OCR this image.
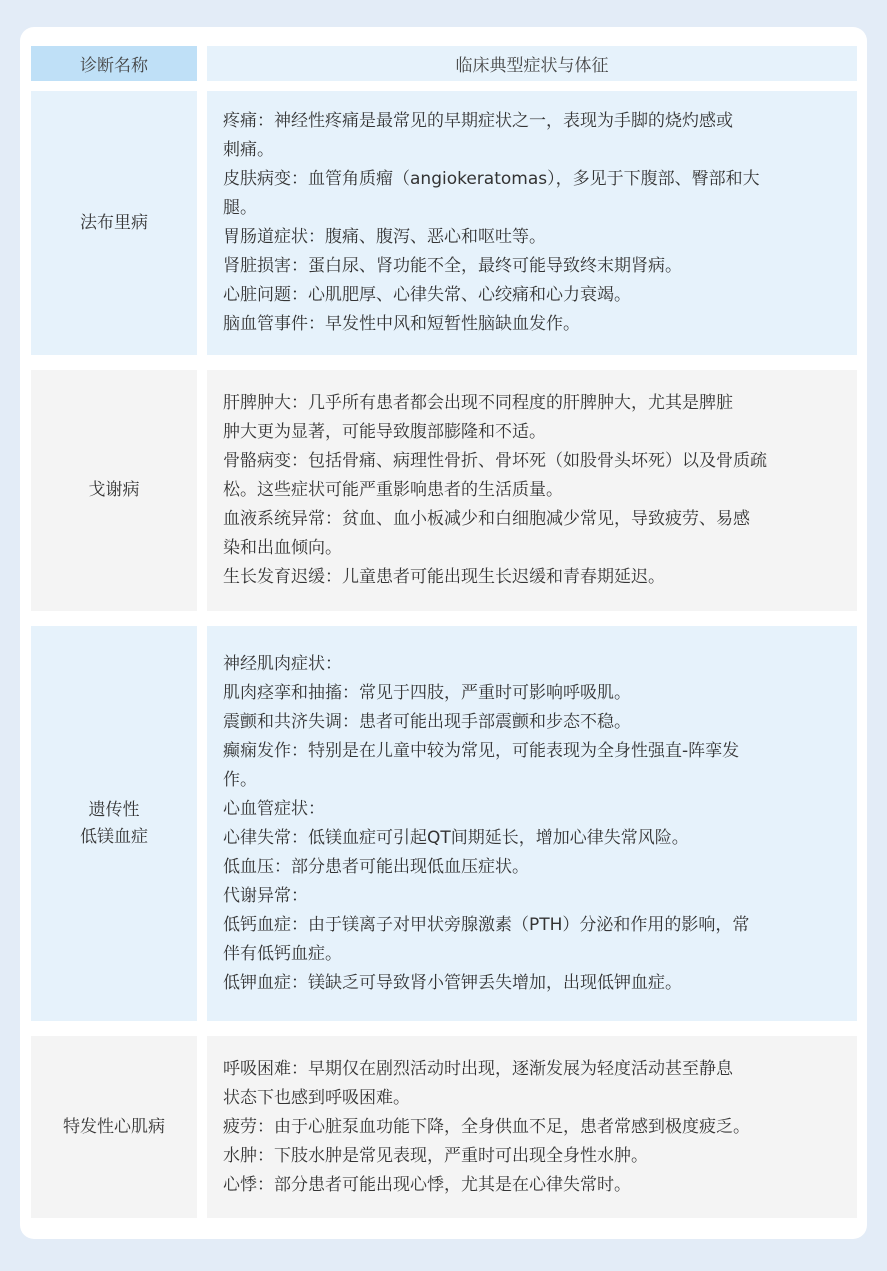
诊断名称	临床典型症状与体征
法布里病
疼痛：神经性疼痛是最常见的早期症状之一，表现为手脚的烧灼感或
刺痛。
皮肤病变：血管角质瘤（angiokeratomas），多见于下腹部、臀部和大
腿。
胃肠道症状：腹痛、腹泻、恶心和呕吐等。
肾脏损害：蛋白尿、肾功能不全，最终可能导致终末期肾病。
心脏问题：心肌肥厚、心律失常、心绞痛和心力衰竭。
脑血管事件：早发性中风和短暂性脑缺血发作。
戈谢病
肝脾肿大：几乎所有患者都会出现不同程度的肝脾肿大，尤其是脾脏
肿大更为显著，可能导致腹部膨隆和不适。
骨骼病变：包括骨痛、病理性骨折、骨坏死（如股骨头坏死）以及骨质疏
松。这些症状可能严重影响患者的生活质量。
血液系统异常：贫血、血小板减少和白细胞减少常见，导致疲劳、易感
染和出血倾向。
生长发育迟缓：儿童患者可能出现生长迟缓和青春期延迟。
遗传性
低镁血症
神经肌肉症状：
肌肉痉挛和抽搐：常见于四肢，严重时可影响呼吸肌。
震颤和共济失调：患者可能出现手部震颤和步态不稳。
癫痫发作：特别是在儿童中较为常见，可能表现为全身性强直-阵挛发
作。
心血管症状：
心律失常：低镁血症可引起QT间期延长，增加心律失常风险。
低血压：部分患者可能出现低血压症状。
代谢异常：
低钙血症：由于镁离子对甲状旁腺激素（PTH）分泌和作用的影响，常
伴有低钙血症。
低钾血症：镁缺乏可导致肾小管钾丢失增加，出现低钾血症。
特发性心肌病
呼吸困难：早期仅在剧烈活动时出现，逐渐发展为轻度活动甚至静息
状态下也感到呼吸困难。
疲劳：由于心脏泵血功能下降，全身供血不足，患者常感到极度疲乏。
水肿：下肢水肿是常见表现，严重时可出现全身性水肿。
心悸：部分患者可能出现心悸，尤其是在心律失常时。
